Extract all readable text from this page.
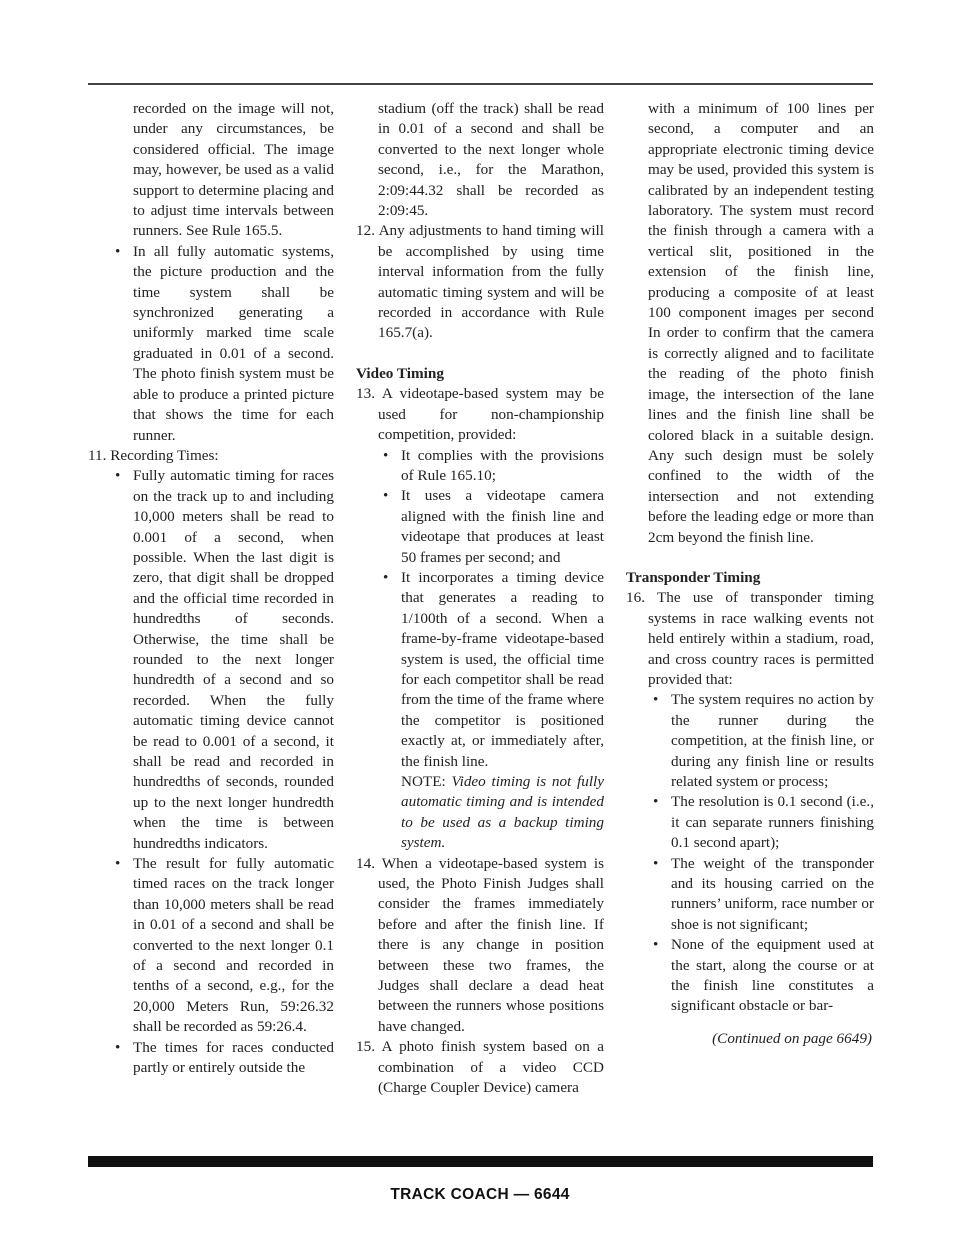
recorded on the image will not, under any circumstances, be considered official. The image may, however, be used as a valid support to determine placing and to adjust time intervals between runners. See Rule 165.5.

• In all fully automatic systems, the picture production and the time system shall be synchronized generating a uniformly marked time scale graduated in 0.01 of a second. The photo finish system must be able to produce a printed picture that shows the time for each runner.

11. Recording Times:

• Fully automatic timing for races on the track up to and including 10,000 meters shall be read to 0.001 of a second, when possible. When the last digit is zero, that digit shall be dropped and the official time recorded in hundredths of seconds. Otherwise, the time shall be rounded to the next longer hundredth of a second and so recorded. When the fully automatic timing device cannot be read to 0.001 of a second, it shall be read and recorded in hundredths of seconds, rounded up to the next longer hundredth when the time is between hundredths indicators.
• The result for fully automatic timed races on the track longer than 10,000 meters shall be read in 0.01 of a second and shall be converted to the next longer 0.1 of a second and recorded in tenths of a second, e.g., for the 20,000 Meters Run, 59:26.32 shall be recorded as 59:26.4.
• The times for races conducted partly or entirely outside the

stadium (off the track) shall be read in 0.01 of a second and shall be converted to the next longer whole second, i.e., for the Marathon, 2:09:44.32 shall be recorded as 2:09:45.

12. Any adjustments to hand timing will be accomplished by using time interval information from the fully automatic timing system and will be recorded in accordance with Rule 165.7(a).

Video Timing

13. A videotape-based system may be used for non-championship competition, provided:

• It complies with the provisions of Rule 165.10;
• It uses a videotape camera aligned with the finish line and videotape that produces at least 50 frames per second; and
• It incorporates a timing device that generates a reading to 1/100th of a second. When a frame-by-frame videotape-based system is used, the official time for each competitor shall be read from the time of the frame where the competitor is positioned exactly at, or immediately after, the finish line.

NOTE: Video timing is not fully automatic timing and is intended to be used as a backup timing system.

14. When a videotape-based system is used, the Photo Finish Judges shall consider the frames immediately before and after the finish line. If there is any change in position between these two frames, the Judges shall declare a dead heat between the runners whose positions have changed.

15. A photo finish system based on a combination of a video CCD (Charge Coupler Device) camera

with a minimum of 100 lines per second, a computer and an appropriate electronic timing device may be used, provided this system is calibrated by an independent testing laboratory. The system must record the finish through a camera with a vertical slit, positioned in the extension of the finish line, producing a composite of at least 100 component images per second In order to confirm that the camera is correctly aligned and to facilitate the reading of the photo finish image, the intersection of the lane lines and the finish line shall be colored black in a suitable design. Any such design must be solely confined to the width of the intersection and not extending before the leading edge or more than 2cm beyond the finish line.

Transponder Timing

16. The use of transponder timing systems in race walking events not held entirely within a stadium, road, and cross country races is permitted provided that:

• The system requires no action by the runner during the competition, at the finish line, or during any finish line or results related system or process;
• The resolution is 0.1 second (i.e., it can separate runners finishing 0.1 second apart);
• The weight of the transponder and its housing carried on the runners’ uniform, race number or shoe is not significant;
• None of the equipment used at the start, along the course or at the finish line constitutes a significant obstacle or bar-

(Continued on page 6649)

TRACK COACH — 6644
